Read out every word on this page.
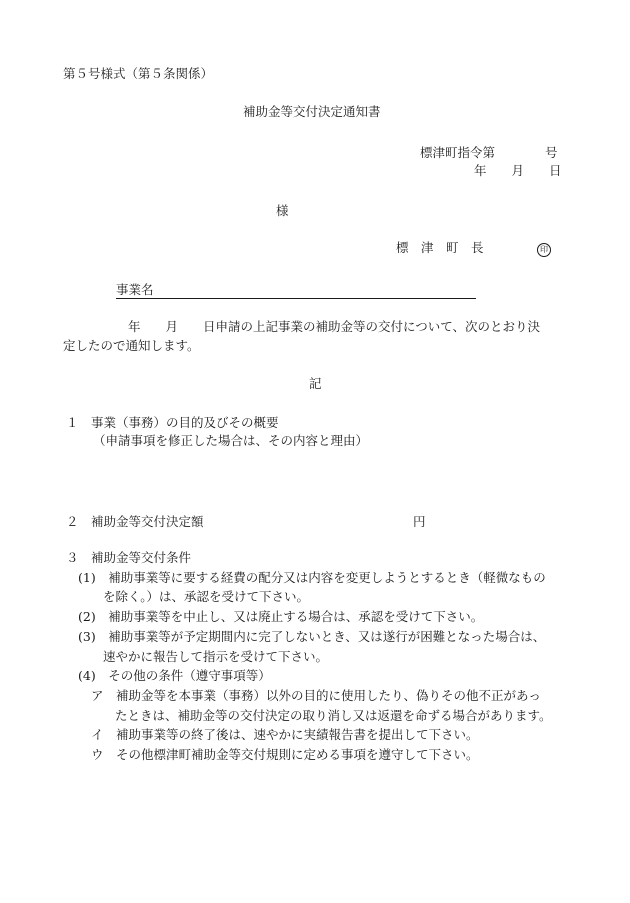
第５号様式（第５条関係）
補助金等交付決定通知書
標津町指令第　　　　号
年　　月　　日
様
標　津　町　長	印
事業名
年　　月　　日申請の上記事業の補助金等の交付について、次のとおり決
定したので通知します。
記
１　事業（事務）の目的及びその概要
（申請事項を修正した場合は、その内容と理由）
２　補助金等交付決定額	円
３　補助金等交付条件
(1)　補助事業等に要する経費の配分又は内容を変更しようとするとき（軽微なもの
を除く。）は、承認を受けて下さい。
(2)　補助事業等を中止し、又は廃止する場合は、承認を受けて下さい。
(3)　補助事業等が予定期間内に完了しないとき、又は遂行が困難となった場合は、
速やかに報告して指示を受けて下さい。
(4)　その他の条件（遵守事項等）
ア　補助金等を本事業（事務）以外の目的に使用したり、偽りその他不正があっ
たときは、補助金等の交付決定の取り消し又は返還を命ずる場合があります。
イ　補助事業等の終了後は、速やかに実績報告書を提出して下さい。
ウ　その他標津町補助金等交付規則に定める事項を遵守して下さい。
